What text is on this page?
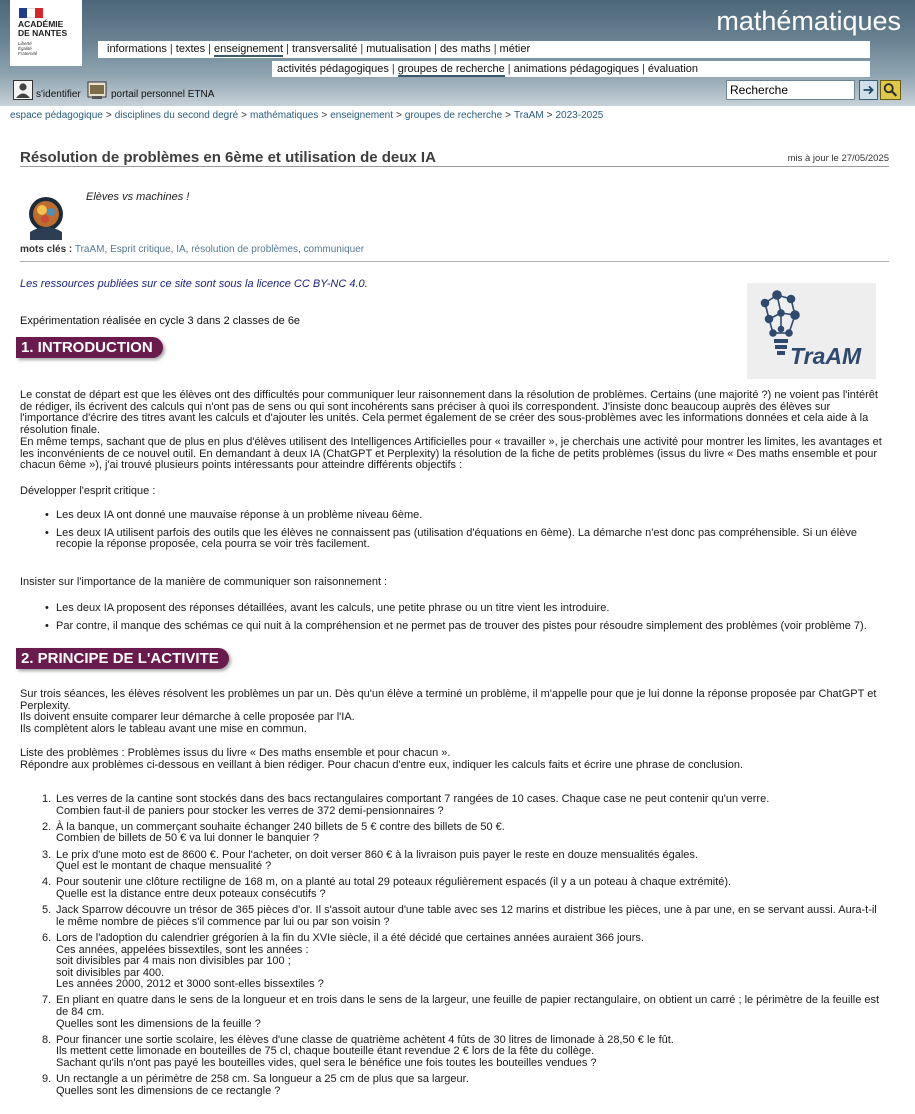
ACADÉMIE
DE NANTES
Liberté
Égalité
Fraternité
mathématiques
informations | textes | enseignement | transversalité | mutualisation | des maths | métier
activités pédagogiques | groupes de recherche | animations pédagogiques | évaluation
s'identifier	portail personnel ETNA
Recherche
espace pédagogique > disciplines du second degré > mathématiques > enseignement > groupes de recherche > TraAM > 2023-2025
Résolution de problèmes en 6ème et utilisation de deux IA	mis à jour le 27/05/2025
Elèves vs machines !
mots clés : TraAM, Esprit critique, IA, résolution de problèmes, communiquer
Les ressources publiées sur ce site sont sous la licence CC BY-NC 4.0.
TraAM
Expérimentation réalisée en cycle 3 dans 2 classes de 6e
1. INTRODUCTION

Le constat de départ est que les élèves ont des difficultés pour communiquer leur raisonnement dans la résolution de problèmes. Certains (une majorité ?) ne voient pas l'intérêt de rédiger, ils écrivent des calculs qui n'ont pas de sens ou qui sont incohérents sans préciser à quoi ils correspondent. J'insiste donc beaucoup auprès des élèves sur l'importance d'écrire des titres avant les calculs et d'ajouter les unités. Cela permet également de se créer des sous-problèmes avec les informations données et cela aide à la résolution finale.

En même temps, sachant que de plus en plus d'élèves utilisent des Intelligences Artificielles pour « travailler », je cherchais une activité pour montrer les limites, les avantages et les inconvénients de ce nouvel outil. En demandant à deux IA (ChatGPT et Perplexity) la résolution de la fiche de petits problèmes (issus du livre « Des maths ensemble et pour chacun 6ème »), j'ai trouvé plusieurs points intéressants pour atteindre différents objectifs :

Développer l'esprit critique :

• Les deux IA ont donné une mauvaise réponse à un problème niveau 6ème.
• Les deux IA utilisent parfois des outils que les élèves ne connaissent pas (utilisation d'équations en 6ème). La démarche n'est donc pas compréhensible. Si un élève recopie la réponse proposée, cela pourra se voir très facilement.

Insister sur l'importance de la manière de communiquer son raisonnement :

• Les deux IA proposent des réponses détaillées, avant les calculs, une petite phrase ou un titre vient les introduire.
• Par contre, il manque des schémas ce qui nuit à la compréhension et ne permet pas de trouver des pistes pour résoudre simplement des problèmes (voir problème 7).
2. PRINCIPE DE L'ACTIVITE
Sur trois séances, les élèves résolvent les problèmes un par un. Dès qu'un élève a terminé un problème, il m'appelle pour que je lui donne la réponse proposée par ChatGPT et Perplexity.
Ils doivent ensuite comparer leur démarche à celle proposée par l'IA.
Ils complètent alors le tableau avant une mise en commun.
Liste des problèmes : Problèmes issus du livre « Des maths ensemble et pour chacun ».
Répondre aux problèmes ci-dessous en veillant à bien rédiger. Pour chacun d'entre eux, indiquer les calculs faits et écrire une phrase de conclusion.
1. Les verres de la cantine sont stockés dans des bacs rectangulaires comportant 7 rangées de 10 cases. Chaque case ne peut contenir qu'un verre.
Combien faut-il de paniers pour stocker les verres de 372 demi-pensionnaires ?
2. À la banque, un commerçant souhaite échanger 240 billets de 5 € contre des billets de 50 €.
Combien de billets de 50 € va lui donner le banquier ?
3. Le prix d'une moto est de 8600 €. Pour l'acheter, on doit verser 860 € à la livraison puis payer le reste en douze mensualités égales.
Quel est le montant de chaque mensualité ?
4. Pour soutenir une clôture rectiligne de 168 m, on a planté au total 29 poteaux régulièrement espacés (il y a un poteau à chaque extrémité).
Quelle est la distance entre deux poteaux consécutifs ?
5. Jack Sparrow découvre un trésor de 365 pièces d'or. Il s'assoit autour d'une table avec ses 12 marins et distribue les pièces, une à par une, en se servant aussi. Aura-t-il le même nombre de pièces s'il commence par lui ou par son voisin ?
6. Lors de l'adoption du calendrier grégorien à la fin du XVIe siècle, il a été décidé que certaines années auraient 366 jours.
Ces années, appelées bissextiles, sont les années :
soit divisibles par 4 mais non divisibles par 100 ;
soit divisibles par 400.
Les années 2000, 2012 et 3000 sont-elles bissextiles ?
7. En pliant en quatre dans le sens de la longueur et en trois dans le sens de la largeur, une feuille de papier rectangulaire, on obtient un carré ; le périmètre de la feuille est de 84 cm.
Quelles sont les dimensions de la feuille ?
8. Pour financer une sortie scolaire, les élèves d'une classe de quatrième achètent 4 fûts de 30 litres de limonade à 28,50 € le fût.
Ils mettent cette limonade en bouteilles de 75 cl, chaque bouteille étant revendue 2 € lors de la fête du collège.
Sachant qu'ils n'ont pas payé les bouteilles vides, quel sera le bénéfice une fois toutes les bouteilles vendues ?
9. Un rectangle a un périmètre de 258 cm. Sa longueur a 25 cm de plus que sa largeur.
Quelles sont les dimensions de ce rectangle ?
